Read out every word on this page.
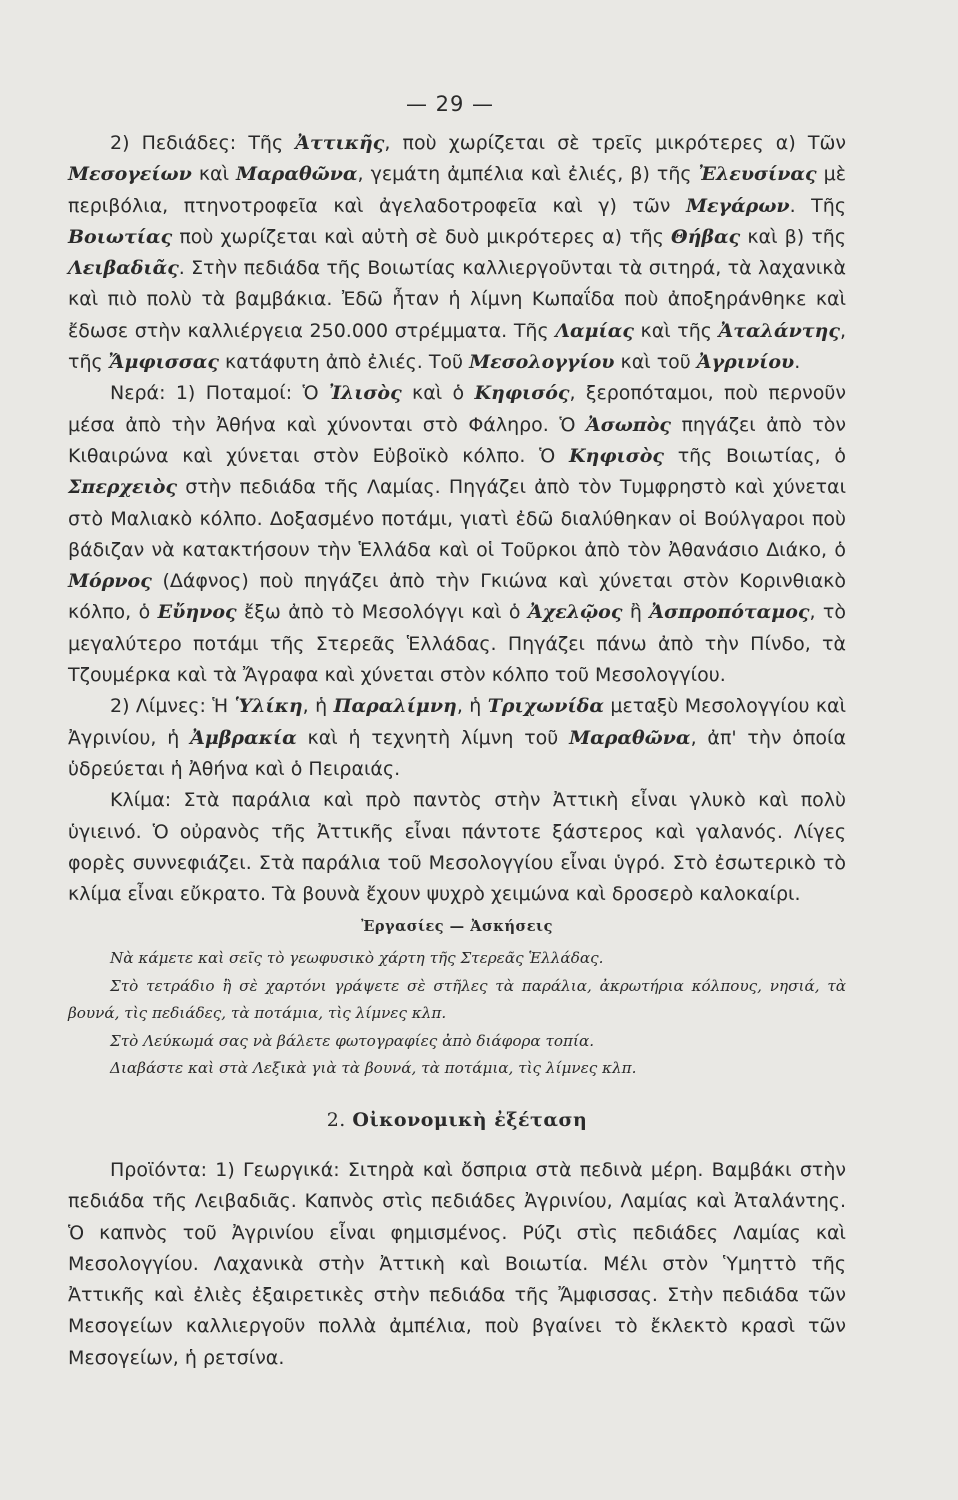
— 29 —

2) Πεδιάδες: Τῆς Ἀττικῆς, ποὺ χωρίζεται σὲ τρεῖς μικρότερες α) Τῶν Μεσογείων καὶ Μαραθῶνα, γεμάτη ἀμπέλια καὶ ἐλιές, β) τῆς Ἐλευσίνας μὲ περιβόλια, πτηνοτροφεῖα καὶ ἀγελαδοτροφεῖα καὶ γ) τῶν Μεγάρων. Τῆς Βοιωτίας ποὺ χωρίζεται καὶ αὐτὴ σὲ δυὸ μικρότερες α) τῆς Θήβας καὶ β) τῆς Λειβαδιᾶς. Στὴν πεδιάδα τῆς Βοιωτίας καλλιεργοῦνται τὰ σιτηρά, τὰ λαχανικὰ καὶ πιὸ πολὺ τὰ βαμβάκια. Ἐδῶ ἦταν ἡ λίμνη Κωπαΐδα ποὺ ἀποξηράνθηκε καὶ ἔδωσε στὴν καλλιέργεια 250.000 στρέμματα. Τῆς Λαμίας καὶ τῆς Ἀταλάντης, τῆς Ἄμφισσας κατάφυτη ἀπὸ ἐλιές. Τοῦ Μεσολογγίου καὶ τοῦ Ἀγρινίου.

Νερά: 1) Ποταμοί: Ὁ Ἰλισὸς καὶ ὁ Κηφισός, ξεροπόταμοι, ποὺ περνοῦν μέσα ἀπὸ τὴν Ἀθήνα καὶ χύνονται στὸ Φάληρο. Ὁ Ἀσωπὸς πηγάζει ἀπὸ τὸν Κιθαιρώνα καὶ χύνεται στὸν Εὐβοϊκὸ κόλπο. Ὁ Κηφισὸς τῆς Βοιωτίας, ὁ Σπερχειὸς στὴν πεδιάδα τῆς Λαμίας. Πηγάζει ἀπὸ τὸν Τυμφρηστὸ καὶ χύνεται στὸ Μαλιακὸ κόλπο. Δοξασμένο ποτάμι, γιατὶ ἐδῶ διαλύθηκαν οἱ Βούλγαροι ποὺ βάδιζαν νὰ κατακτήσουν τὴν Ἑλλάδα καὶ οἱ Τοῦρκοι ἀπὸ τὸν Ἀθανάσιο Διάκο, ὁ Μόρνος (Δάφνος) ποὺ πηγάζει ἀπὸ τὴν Γκιώνα καὶ χύνεται στὸν Κορινθιακὸ κόλπο, ὁ Εὔηνος ἔξω ἀπὸ τὸ Μεσολόγγι καὶ ὁ Ἀχελῷος ἢ Ἀσπροπόταμος, τὸ μεγαλύτερο ποτάμι τῆς Στερεᾶς Ἑλλάδας. Πηγάζει πάνω ἀπὸ τὴν Πίνδο, τὰ Τζουμέρκα καὶ τὰ Ἄγραφα καὶ χύνεται στὸν κόλπο τοῦ Μεσολογγίου.

2) Λίμνες: Ἡ Ὑλίκη, ἡ Παραλίμνη, ἡ Τριχωνίδα μεταξὺ Μεσολογγίου καὶ Ἀγρινίου, ἡ Ἀμβρακία καὶ ἡ τεχνητὴ λίμνη τοῦ Μαραθῶνα, ἀπ' τὴν ὁποία ὑδρεύεται ἡ Ἀθήνα καὶ ὁ Πειραιάς.

Κλίμα: Στὰ παράλια καὶ πρὸ παντὸς στὴν Ἀττικὴ εἶναι γλυκὸ καὶ πολὺ ὑγιεινό. Ὁ οὐρανὸς τῆς Ἀττικῆς εἶναι πάντοτε ξάστερος καὶ γαλανός. Λίγες φορὲς συννεφιάζει. Στὰ παράλια τοῦ Μεσολογγίου εἶναι ὑγρό. Στὸ ἐσωτερικὸ τὸ κλίμα εἶναι εὔκρατο. Τὰ βουνὰ ἔχουν ψυχρὸ χειμώνα καὶ δροσερὸ καλοκαίρι.

Ἐργασίες — Ἀσκήσεις

Νὰ κάμετε καὶ σεῖς τὸ γεωφυσικὸ χάρτη τῆς Στερεᾶς Ἑλλάδας.

Στὸ τετράδιο ἢ σὲ χαρτόνι γράψετε σὲ στῆλες τὰ παράλια, ἀκρωτήρια κόλπους, νησιά, τὰ βουνά, τὶς πεδιάδες, τὰ ποτάμια, τὶς λίμνες κλπ.

Στὸ Λεύκωμά σας νὰ βάλετε φωτογραφίες ἀπὸ διάφορα τοπία.

Διαβάστε καὶ στὰ Λεξικὰ γιὰ τὰ βουνά, τὰ ποτάμια, τὶς λίμνες κλπ.

2. Οἰκονομικὴ ἐξέταση

Προϊόντα: 1) Γεωργικά: Σιτηρὰ καὶ ὄσπρια στὰ πεδινὰ μέρη. Βαμβάκι στὴν πεδιάδα τῆς Λειβαδιᾶς. Καπνὸς στὶς πεδιάδες Ἀγρινίου, Λαμίας καὶ Ἀταλάντης. Ὁ καπνὸς τοῦ Ἀγρινίου εἶναι φημισμένος. Ρύζι στὶς πεδιάδες Λαμίας καὶ Μεσολογγίου. Λαχανικὰ στὴν Ἀττικὴ καὶ Βοιωτία. Μέλι στὸν Ὑμηττὸ τῆς Ἀττικῆς καὶ ἐλιὲς ἐξαιρετικὲς στὴν πεδιάδα τῆς Ἄμφισσας. Στὴν πεδιάδα τῶν Μεσογείων καλλιεργοῦν πολλὰ ἀμπέλια, ποὺ βγαίνει τὸ ἔκλεκτὸ κρασὶ τῶν Μεσογείων, ἡ ρετσίνα.
